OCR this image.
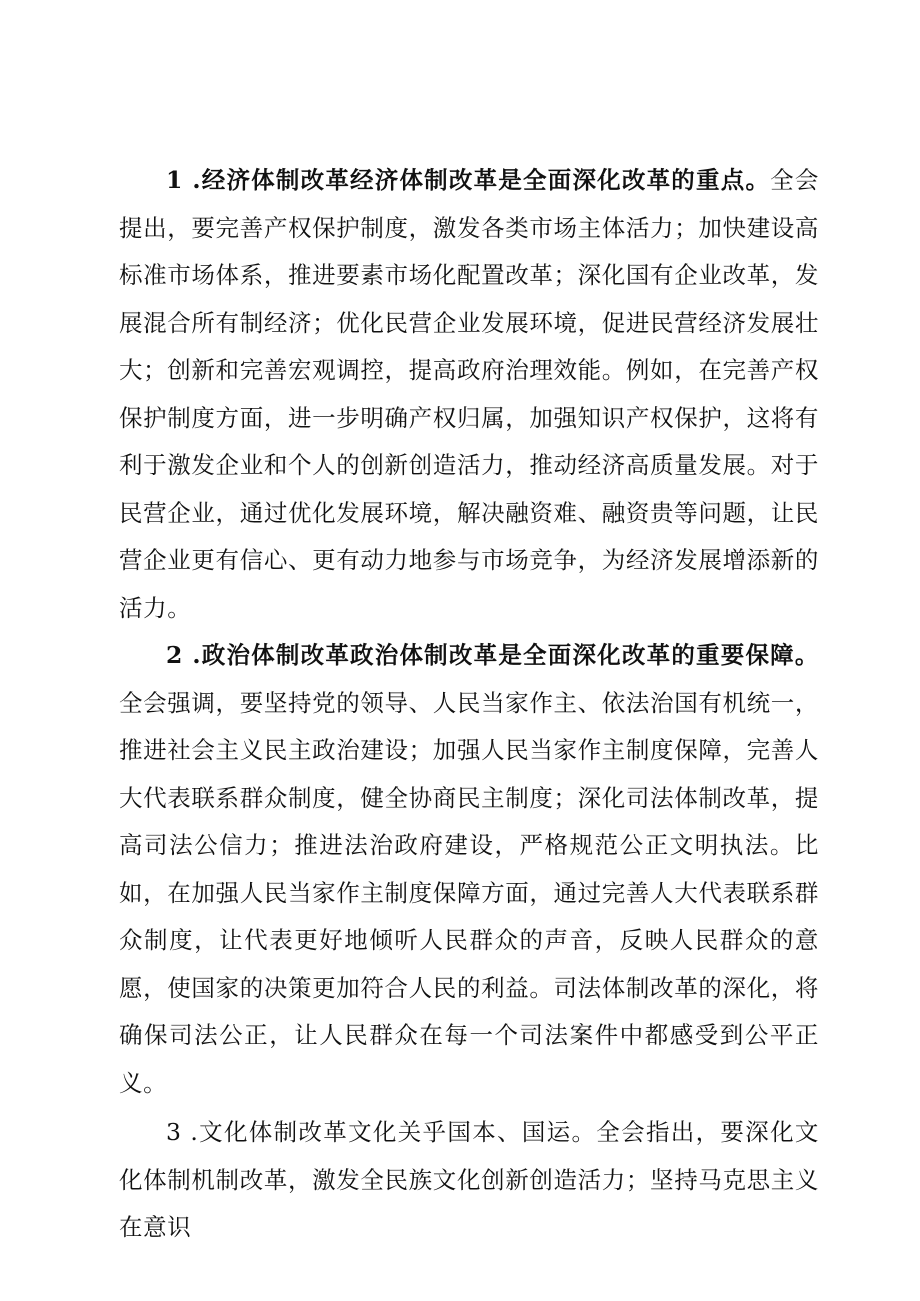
1 .经济体制改革经济体制改革是全面深化改革的重点。全会提出，要完善产权保护制度，激发各类市场主体活力；加快建设高标准市场体系，推进要素市场化配置改革；深化国有企业改革，发展混合所有制经济；优化民营企业发展环境，促进民营经济发展壮大；创新和完善宏观调控，提高政府治理效能。例如，在完善产权保护制度方面，进一步明确产权归属，加强知识产权保护，这将有利于激发企业和个人的创新创造活力，推动经济高质量发展。对于民营企业，通过优化发展环境，解决融资难、融资贵等问题，让民营企业更有信心、更有动力地参与市场竞争，为经济发展增添新的活力。

2 .政治体制改革政治体制改革是全面深化改革的重要保障。全会强调，要坚持党的领导、人民当家作主、依法治国有机统一，推进社会主义民主政治建设；加强人民当家作主制度保障，完善人大代表联系群众制度，健全协商民主制度；深化司法体制改革，提高司法公信力；推进法治政府建设，严格规范公正文明执法。比如，在加强人民当家作主制度保障方面，通过完善人大代表联系群众制度，让代表更好地倾听人民群众的声音，反映人民群众的意愿，使国家的决策更加符合人民的利益。司法体制改革的深化，将确保司法公正，让人民群众在每一个司法案件中都感受到公平正义。

3 .文化体制改革文化关乎国本、国运。全会指出，要深化文化体制机制改革，激发全民族文化创新创造活力；坚持马克思主义在意识
